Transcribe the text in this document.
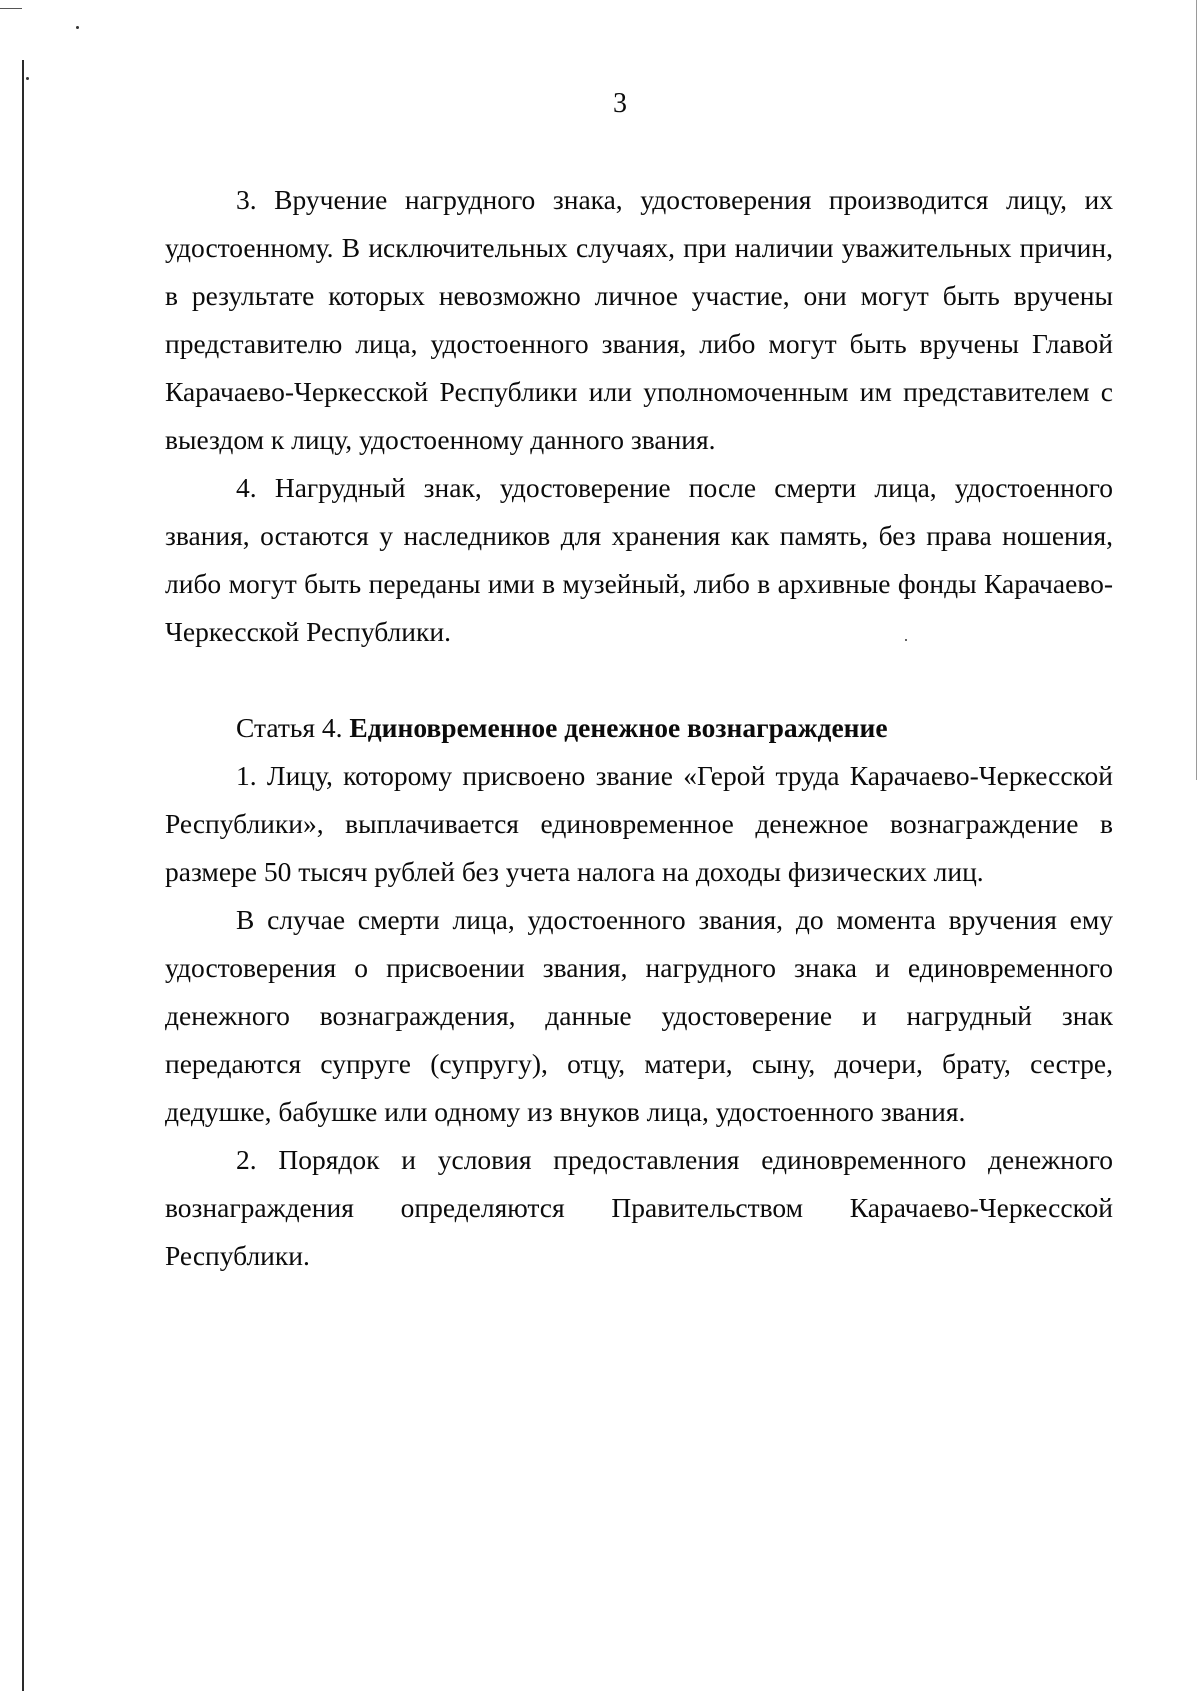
3

3. Вручение нагрудного знака, удостоверения производится лицу, их удостоенному. В исключительных случаях, при наличии уважительных причин, в результате которых невозможно личное участие, они могут быть вручены представителю лица, удостоенного звания, либо могут быть вручены Главой Карачаево-Черкесской Республики или уполномоченным им представителем с выездом к лицу, удостоенному данного звания.

4. Нагрудный знак, удостоверение после смерти лица, удостоенного звания, остаются у наследников для хранения как память, без права ношения, либо могут быть переданы ими в музейный, либо в архивные фонды Карачаево-Черкесской Республики.

Статья 4. Единовременное денежное вознаграждение

1. Лицу, которому присвоено звание «Герой труда Карачаево-Черкесской Республики», выплачивается единовременное денежное вознаграждение в размере 50 тысяч рублей без учета налога на доходы физических лиц.

В случае смерти лица, удостоенного звания, до момента вручения ему удостоверения о присвоении звания, нагрудного знака и единовременного денежного вознаграждения, данные удостоверение и нагрудный знак передаются супруге (супругу), отцу, матери, сыну, дочери, брату, сестре, дедушке, бабушке или одному из внуков лица, удостоенного звания.

2. Порядок и условия предоставления единовременного денежного вознаграждения определяются Правительством Карачаево-Черкесской Республики.
